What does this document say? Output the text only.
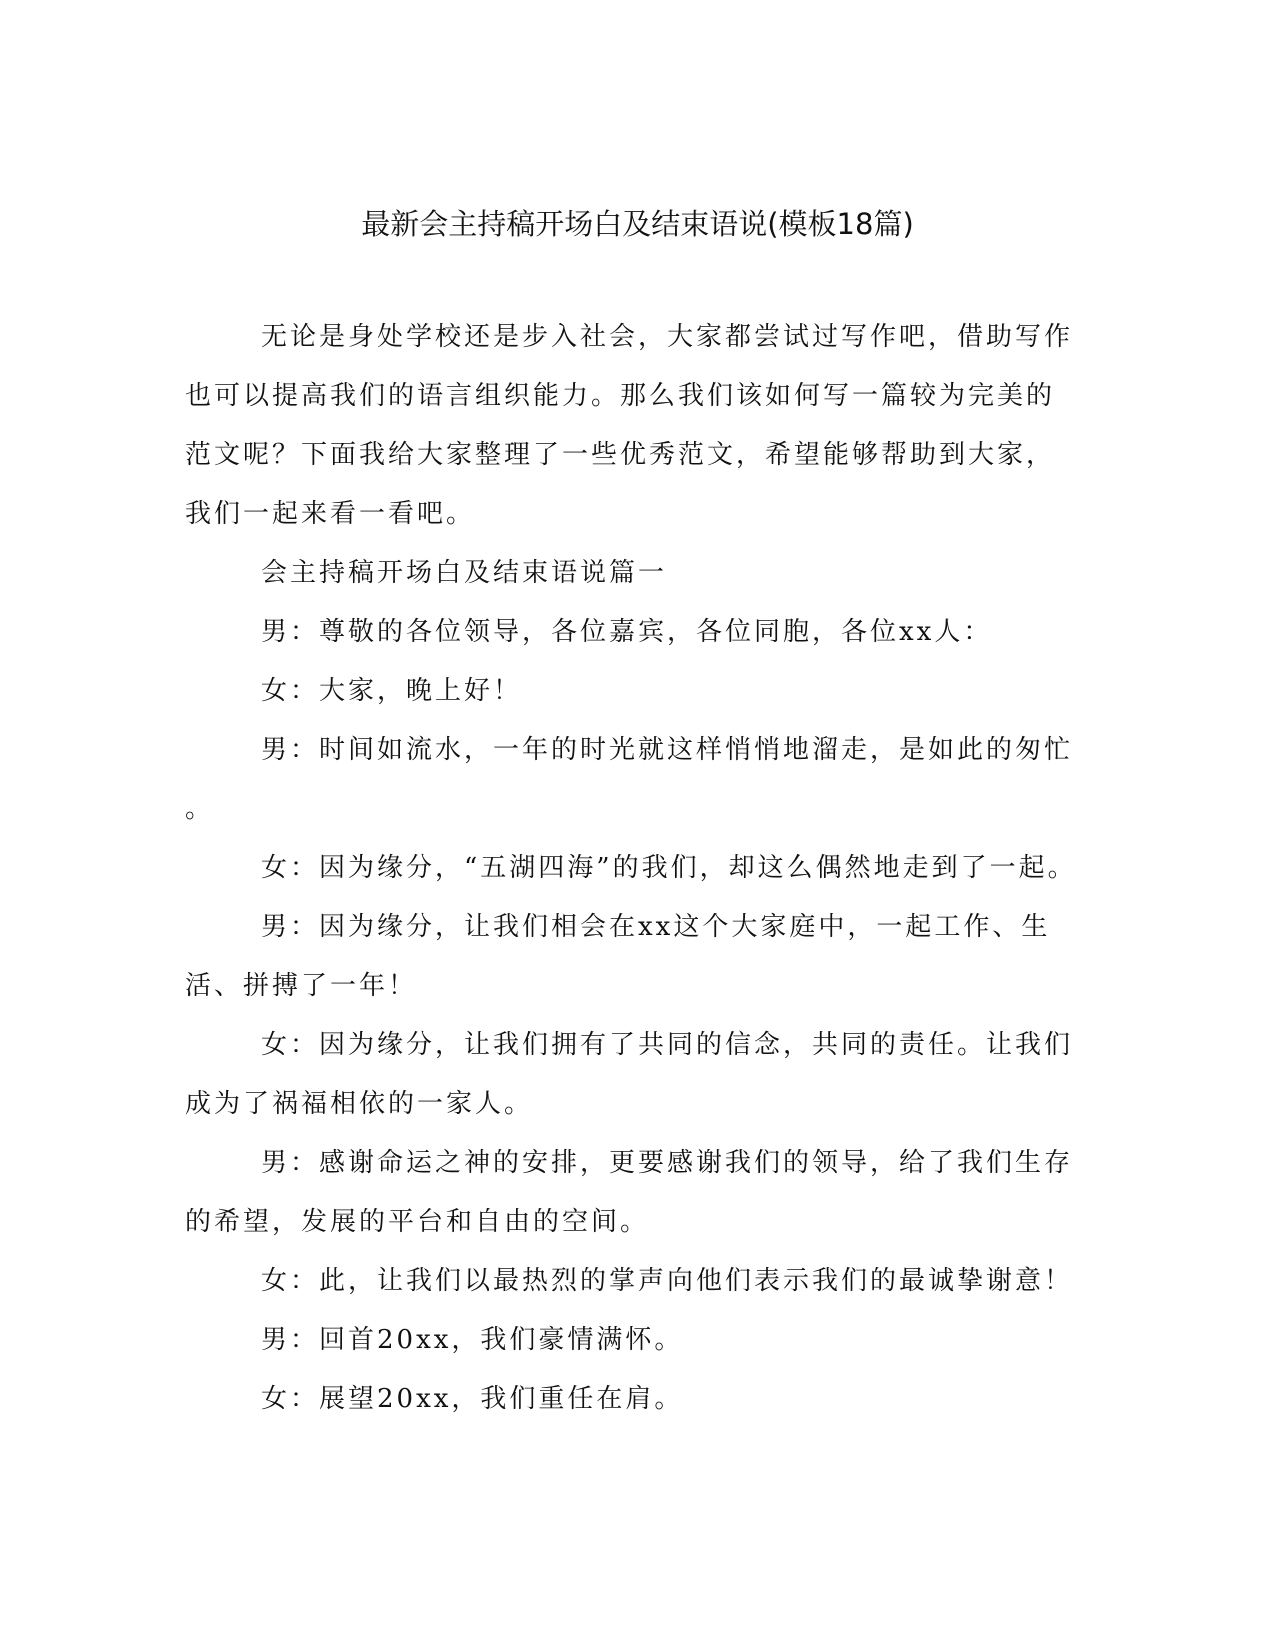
最新会主持稿开场白及结束语说(模板18篇)

无论是身处学校还是步入社会，大家都尝试过写作吧，借助写作

也可以提高我们的语言组织能力。那么我们该如何写一篇较为完美的

范文呢？下面我给大家整理了一些优秀范文，希望能够帮助到大家，

我们一起来看一看吧。

会主持稿开场白及结束语说篇一

男：尊敬的各位领导，各位嘉宾，各位同胞，各位xx人：

女：大家，晚上好！

男：时间如流水，一年的时光就这样悄悄地溜走，是如此的匆忙

。

女：因为缘分，“五湖四海”的我们，却这么偶然地走到了一起。

男：因为缘分，让我们相会在xx这个大家庭中，一起工作、生

活、拼搏了一年！

女：因为缘分，让我们拥有了共同的信念，共同的责任。让我们

成为了祸福相依的一家人。

男：感谢命运之神的安排，更要感谢我们的领导，给了我们生存

的希望，发展的平台和自由的空间。

女：此，让我们以最热烈的掌声向他们表示我们的最诚挚谢意！

男：回首20xx，我们豪情满怀。

女：展望20xx，我们重任在肩。
